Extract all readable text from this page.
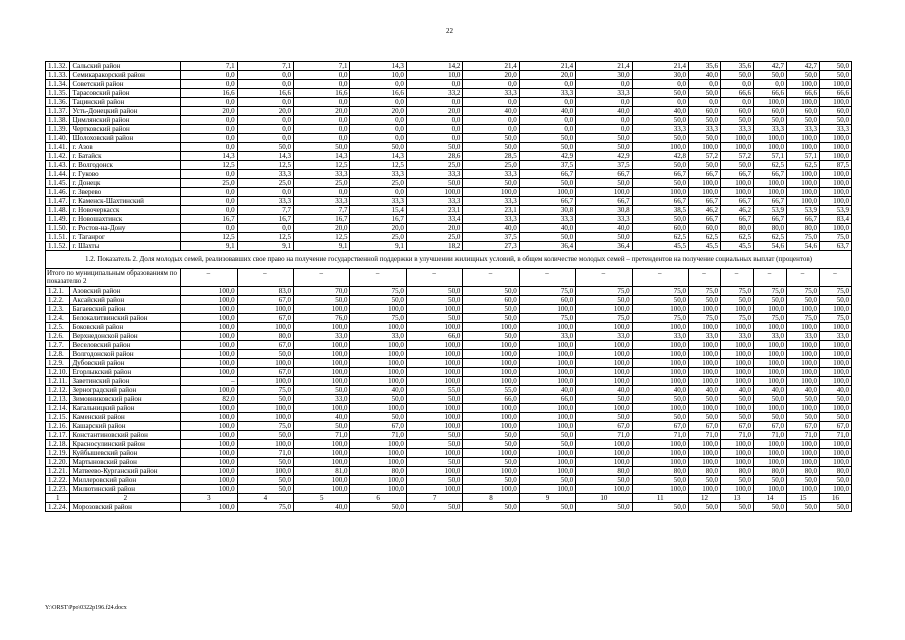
22
1.1.32.	Сальский район	7,1	7,1	7,1	14,3	14,2	21,4	21,4	21,4	21,4	35,6	35,6	42,7	42,7	50,0
1.1.33.	Семикаракорский район	0,0	0,0	0,0	10,0	10,0	20,0	20,0	30,0	30,0	40,0	50,0	50,0	50,0	50,0
1.1.34.	Советский район	0,0	0,0	0,0	0,0	0,0	0,0	0,0	0,0	0,0	0,0	0,0	0,0	100,0	100,0
1.1.35.	Тарасовский район	16,6	16,6	16,6	16,6	33,2	33,3	33,3	33,3	50,0	50,0	66,6	66,6	66,6	66,6
1.1.36.	Тацинский район	0,0	0,0	0,0	0,0	0,0	0,0	0,0	0,0	0,0	0,0	0,0	100,0	100,0	100,0
1.1.37.	Усть-Донецкий район	20,0	20,0	20,0	20,0	20,0	40,0	40,0	40,0	40,0	60,0	60,0	60,0	60,0	60,0
1.1.38.	Цимлянский район	0,0	0,0	0,0	0,0	0,0	0,0	0,0	0,0	50,0	50,0	50,0	50,0	50,0	50,0
1.1.39.	Чертковский район	0,0	0,0	0,0	0,0	0,0	0,0	0,0	0,0	33,3	33,3	33,3	33,3	33,3	33,3
1.1.40.	Шолоховский район	0,0	0,0	0,0	0,0	0,0	50,0	50,0	50,0	50,0	50,0	100,0	100,0	100,0	100,0
1.1.41.	г. Азов	0,0	50,0	50,0	50,0	50,0	50,0	50,0	50,0	100,0	100,0	100,0	100,0	100,0	100,0
1.1.42.	г. Батайск	14,3	14,3	14,3	14,3	28,6	28,5	42,9	42,9	42,8	57,2	57,2	57,1	57,1	100,0
1.1.43.	г. Волгодонск	12,5	12,5	12,5	12,5	25,0	25,0	37,5	37,5	50,0	50,0	50,0	62,5	62,5	87,5
1.1.44.	г. Гуково	0,0	33,3	33,3	33,3	33,3	33,3	66,7	66,7	66,7	66,7	66,7	66,7	100,0	100,0
1.1.45.	г. Донецк	25,0	25,0	25,0	25,0	50,0	50,0	50,0	50,0	50,0	100,0	100,0	100,0	100,0	100,0
1.1.46.	г. Зверево	0,0	0,0	0,0	0,0	100,0	100,0	100,0	100,0	100,0	100,0	100,0	100,0	100,0	100,0
1.1.47.	г. Каменск-Шахтинский	0,0	33,3	33,3	33,3	33,3	33,3	66,7	66,7	66,7	66,7	66,7	66,7	100,0	100,0
1.1.48.	г. Новочеркасск	0,0	7,7	7,7	15,4	23,1	23,1	30,8	30,8	38,5	46,2	46,2	53,9	53,9	53,9
1.1.49.	г. Новошахтинск	16,7	16,7	16,7	16,7	33,4	33,3	33,3	33,3	50,0	66,7	66,7	66,7	66,7	83,4
1.1.50.	г. Ростов-на-Дону	0,0	0,0	20,0	20,0	20,0	40,0	40,0	40,0	60,0	60,0	80,0	80,0	80,0	100,0
1.1.51.	г. Таганрог	12,5	12,5	12,5	25,0	25,0	37,5	50,0	50,0	62,5	62,5	62,5	62,5	75,0	75,0
1.1.52.	г. Шахты	9,1	9,1	9,1	9,1	18,2	27,3	36,4	36,4	45,5	45,5	45,5	54,6	54,6	63,7
1.2. Показатель 2. Доля молодых семей, реализовавших свое право на получение государственной поддержки в улучшении жилищных условий, в общем количестве молодых семей – претендентов на получение социальных выплат (процентов)															
Итого по муниципальным образованиям по показателю 2		–	–	–	–	–	–	–	–	–	–	–	–	–	–
1.2.1.	Азовский район	100,0	83,0	70,0	75,0	50,0	50,0	75,0	75,0	75,0	75,0	75,0	75,0	75,0	75,0
1.2.2.	Аксайский район	100,0	67,0	50,0	50,0	50,0	60,0	60,0	50,0	50,0	50,0	50,0	50,0	50,0	50,0
1.2.3.	Багаевский район	100,0	100,0	100,0	100,0	100,0	50,0	100,0	100,0	100,0	100,0	100,0	100,0	100,0	100,0
1.2.4.	Белокалитвинский район	100,0	67,0	76,0	75,0	50,0	50,0	75,0	75,0	75,0	75,0	75,0	75,0	75,0	75,0
1.2.5.	Боковский район	100,0	100,0	100,0	100,0	100,0	100,0	100,0	100,0	100,0	100,0	100,0	100,0	100,0	100,0
1.2.6.	Верхнедонской район	100,0	80,0	33,0	33,0	66,0	50,0	33,0	33,0	33,0	33,0	33,0	33,0	33,0	33,0
1.2.7.	Веселовский район	100,0	67,0	100,0	100,0	100,0	100,0	100,0	100,0	100,0	100,0	100,0	100,0	100,0	100,0
1.2.8.	Волгодонской район	100,0	50,0	100,0	100,0	100,0	100,0	100,0	100,0	100,0	100,0	100,0	100,0	100,0	100,0
1.2.9.	Дубовский район	100,0	100,0	100,0	100,0	100,0	100,0	100,0	100,0	100,0	100,0	100,0	100,0	100,0	100,0
1.2.10.	Егорлыкский район	100,0	67,0	100,0	100,0	100,0	100,0	100,0	100,0	100,0	100,0	100,0	100,0	100,0	100,0
1.2.11.	Заветинский район	–	100,0	100,0	100,0	100,0	100,0	100,0	100,0	100,0	100,0	100,0	100,0	100,0	100,0
1.2.12.	Зерноградский район	100,0	75,0	50,0	40,0	55,0	55,0	40,0	40,0	40,0	40,0	40,0	40,0	40,0	40,0
1.2.13.	Зимовниковский район	82,0	50,0	33,0	50,0	50,0	66,0	66,0	50,0	50,0	50,0	50,0	50,0	50,0	50,0
1.2.14.	Кагальницкий район	100,0	100,0	100,0	100,0	100,0	100,0	100,0	100,0	100,0	100,0	100,0	100,0	100,0	100,0
1.2.15.	Каменский район	100,0	100,0	40,0	50,0	100,0	100,0	100,0	50,0	50,0	50,0	50,0	50,0	50,0	50,0
1.2.16.	Кашарский район	100,0	75,0	50,0	67,0	100,0	100,0	100,0	67,0	67,0	67,0	67,0	67,0	67,0	67,0
1.2.17.	Константиновский район	100,0	50,0	71,0	71,0	50,0	50,0	50,0	71,0	71,0	71,0	71,0	71,0	71,0	71,0
1.2.18.	Красносулинский район	100,0	100,0	100,0	100,0	50,0	50,0	50,0	100,0	100,0	100,0	100,0	100,0	100,0	100,0
1.2.19.	Куйбышевский район	100,0	71,0	100,0	100,0	100,0	100,0	100,0	100,0	100,0	100,0	100,0	100,0	100,0	100,0
1.2.20.	Мартыновский район	100,0	50,0	100,0	100,0	50,0	50,0	100,0	100,0	100,0	100,0	100,0	100,0	100,0	100,0
1.2.21.	Матвеево-Курганский район	100,0	100,0	81,0	80,0	100,0	100,0	100,0	80,0	80,0	80,0	80,0	80,0	80,0	80,0
1.2.22.	Миллеровский район	100,0	50,0	100,0	100,0	50,0	50,0	50,0	50,0	50,0	50,0	50,0	50,0	50,0	50,0
1.2.23.	Милютинский район	100,0	50,0	100,0	100,0	100,0	100,0	100,0	100,0	100,0	100,0	100,0	100,0	100,0	100,0
1	2	3	4	5	6	7	8	9	10	11	12	13	14	15	16
1.2.24.	Морозовский район	100,0	75,0	40,0	50,0	50,0	50,0	50,0	50,0	50,0	50,0	50,0	50,0	50,0	50,0
Y:\ORST\Ppo\0322p196.f24.docx
